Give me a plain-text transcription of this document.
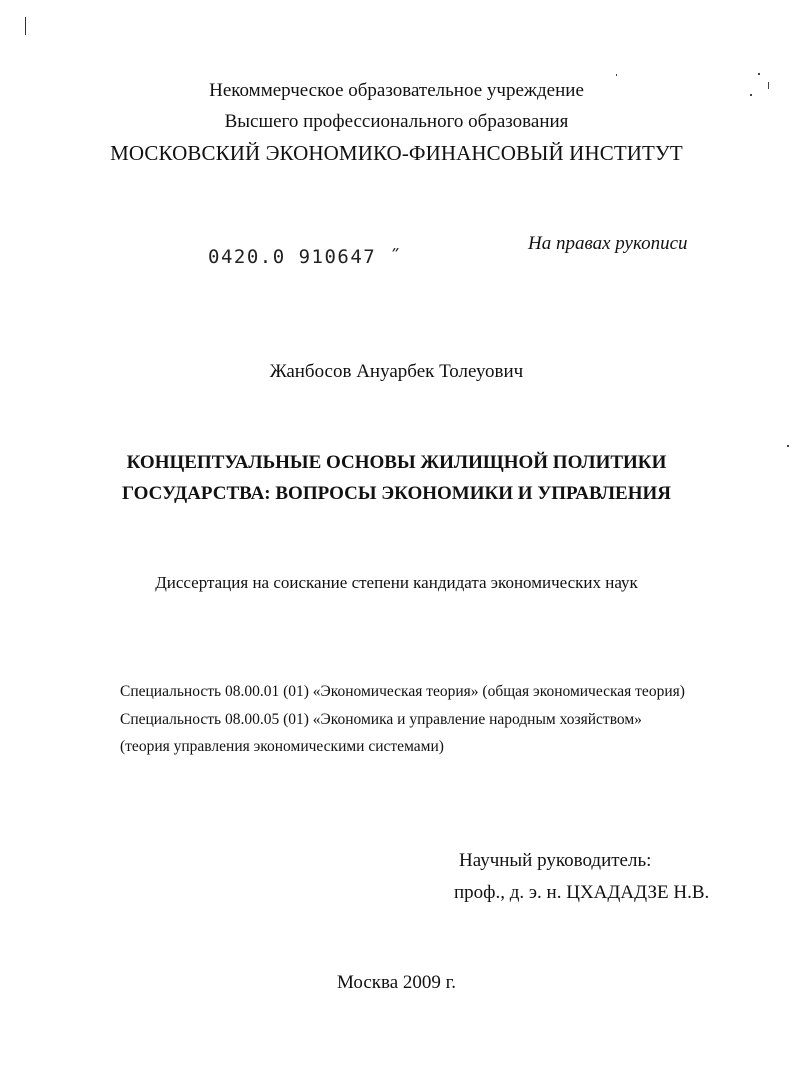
Некоммерческое образовательное учреждение
Высшего профессионального образования
МОСКОВСКИЙ ЭКОНОМИКО-ФИНАНСОВЫЙ ИНСТИТУТ
0420.0 910647 ˝
На правах рукописи
Жанбосов Ануарбек Толеуович
КОНЦЕПТУАЛЬНЫЕ ОСНОВЫ ЖИЛИЩНОЙ ПОЛИТИКИ
ГОСУДАРСТВА: ВОПРОСЫ ЭКОНОМИКИ И УПРАВЛЕНИЯ
Диссертация на соискание степени кандидата экономических наук
Специальность 08.00.01 (01) «Экономическая теория» (общая экономическая теория)
Специальность 08.00.05 (01) «Экономика и управление народным хозяйством»
(теория управления экономическими системами)
Научный руководитель:
проф., д. э. н. ЦХАДАДЗЕ Н.В.
Москва 2009 г.
